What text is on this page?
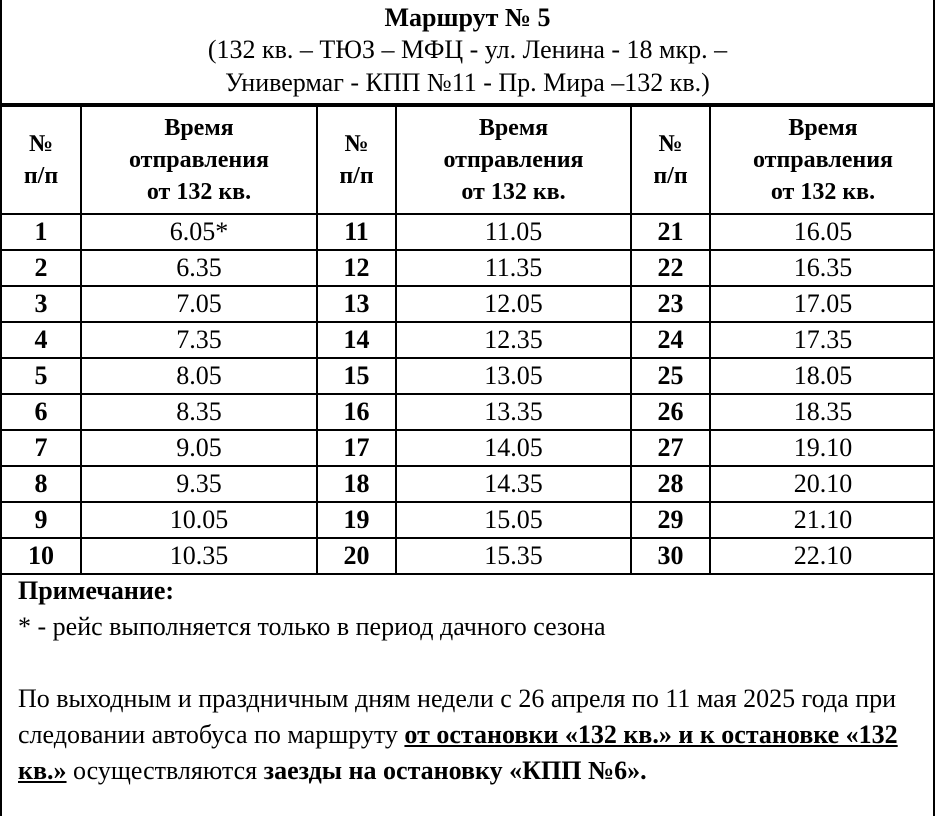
Маршрут № 5
(132 кв. – ТЮЗ – МФЦ - ул. Ленина - 18 мкр. –
Универмаг - КПП №11 - Пр. Мира –132 кв.)
№
п/п	Время
отправления
от 132 кв.	№
п/п	Время
отправления
от 132 кв.	№
п/п	Время
отправления
от 132 кв.
1	6.05*	11	11.05	21	16.05
2	6.35	12	11.35	22	16.35
3	7.05	13	12.05	23	17.05
4	7.35	14	12.35	24	17.35
5	8.05	15	13.05	25	18.05
6	8.35	16	13.35	26	18.35
7	9.05	17	14.05	27	19.10
8	9.35	18	14.35	28	20.10
9	10.05	19	15.05	29	21.10
10	10.35	20	15.35	30	22.10
Примечание:
* - рейс выполняется только в период дачного сезона
По выходным и праздничным дням недели с 26 апреля по 11 мая 2025 года при следовании автобуса по маршруту от остановки «132 кв.» и к остановке «132 кв.» осуществляются заезды на остановку «КПП №6».
